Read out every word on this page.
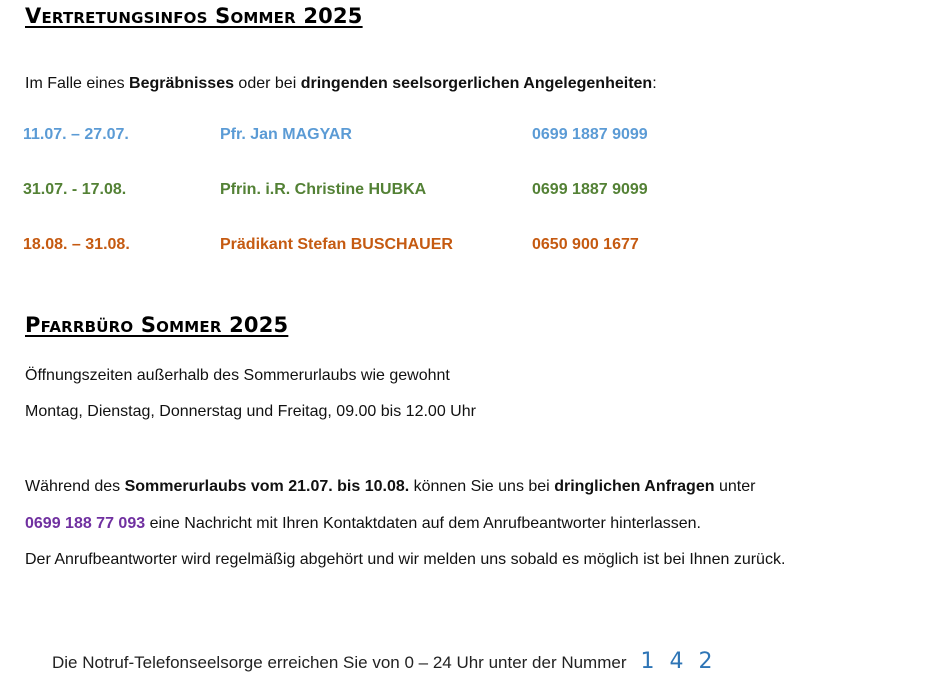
Vertretungsinfos Sommer 2025

Im Falle eines Begräbnisses oder bei dringenden seelsorgerlichen Angelegenheiten:

11.07. – 27.07.	Pfr. Jan MAGYAR	0699 1887 9099
31.07. - 17.08.	Pfrin. i.R. Christine HUBKA	0699 1887 9099
18.08. – 31.08.	Prädikant Stefan BUSCHAUER	0650 900 1677
Pfarrbüro Sommer 2025

Öffnungszeiten außerhalb des Sommerurlaubs wie gewohnt

Montag, Dienstag, Donnerstag und Freitag, 09.00 bis 12.00 Uhr

Während des Sommerurlaubs vom 21.07. bis 10.08. können Sie uns bei dringlichen Anfragen unter

0699 188 77 093 eine Nachricht mit Ihren Kontaktdaten auf dem Anrufbeantworter hinterlassen.

Der Anrufbeantworter wird regelmäßig abgehört und wir melden uns sobald es möglich ist bei Ihnen zurück.

Die Notruf-Telefonseelsorge erreichen Sie von 0 – 24 Uhr unter der Nummer 1 4 2
